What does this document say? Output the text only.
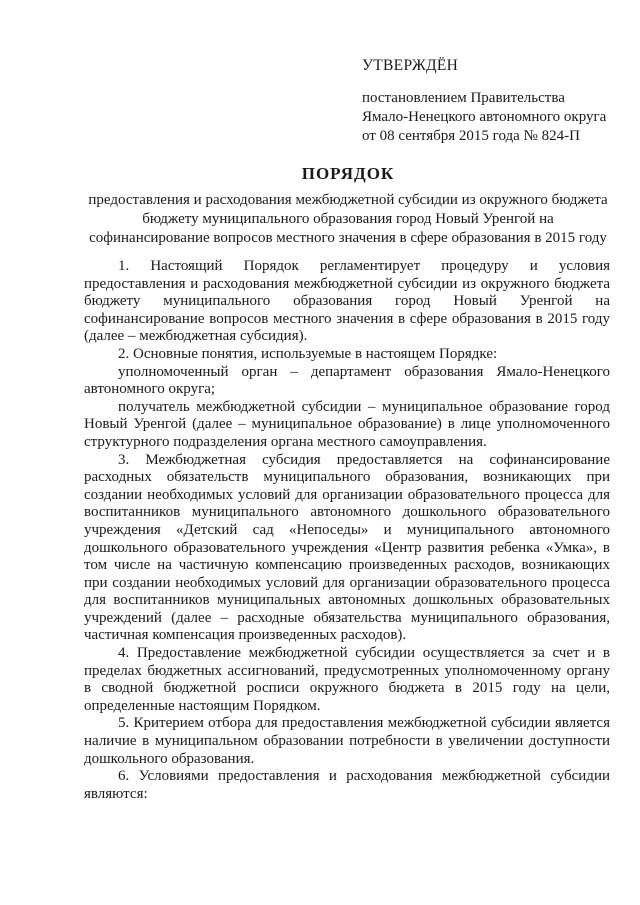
УТВЕРЖДЁН
постановлением Правительства
Ямало-Ненецкого автономного округа
от 08 сентября 2015 года № 824-П
ПОРЯДОК
предоставления и расходования межбюджетной субсидии из окружного бюджета бюджету муниципального образования город Новый Уренгой на софинансирование вопросов местного значения в сфере образования в 2015 году

1. Настоящий Порядок регламентирует процедуру и условия предоставления и расходования межбюджетной субсидии из окружного бюджета бюджету муниципального образования город Новый Уренгой на софинансирование вопросов местного значения в сфере образования в 2015 году (далее – межбюджетная субсидия).

2. Основные понятия, используемые в настоящем Порядке:

уполномоченный орган – департамент образования Ямало-Ненецкого автономного округа;

получатель межбюджетной субсидии – муниципальное образование город Новый Уренгой (далее – муниципальное образование) в лице уполномоченного структурного подразделения органа местного самоуправления.

3. Межбюджетная субсидия предоставляется на софинансирование расходных обязательств муниципального образования, возникающих при создании необходимых условий для организации образовательного процесса для воспитанников муниципального автономного дошкольного образовательного учреждения «Детский сад «Непоседы» и муниципального автономного дошкольного образовательного учреждения «Центр развития ребенка «Умка», в том числе на частичную компенсацию произведенных расходов, возникающих при создании необходимых условий для организации образовательного процесса для воспитанников муниципальных автономных дошкольных образовательных учреждений (далее – расходные обязательства муниципального образования, частичная компенсация произведенных расходов).

4. Предоставление межбюджетной субсидии осуществляется за счет и в пределах бюджетных ассигнований, предусмотренных уполномоченному органу в сводной бюджетной росписи окружного бюджета в 2015 году на цели, определенные настоящим Порядком.

5. Критерием отбора для предоставления межбюджетной субсидии является наличие в муниципальном образовании потребности в увеличении доступности дошкольного образования.

6. Условиями предоставления и расходования межбюджетной субсидии являются:
